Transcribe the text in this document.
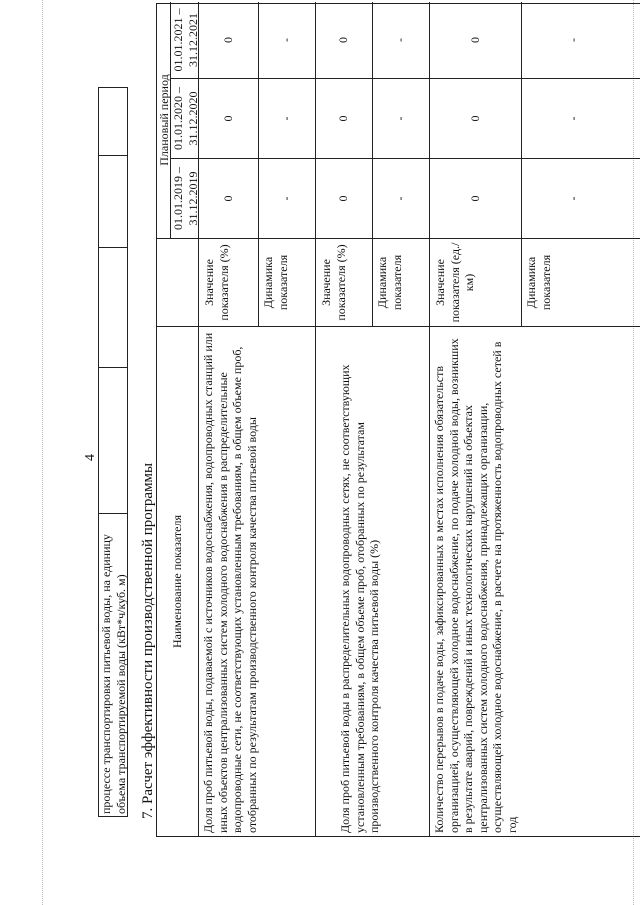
4
процессе транспортировки питьевой воды, на единицу объема транспортируемой воды (кВт*ч/куб. м) 7. Расчет эффективности производственной программы	Наименование показателя
Плановый период
01.01.2019 – 31.12.2019
01.01.2020 – 31.12.2020
01.01.2021 – 31.12.2021
Доля проб питьевой воды, подаваемой с источников водоснабжения, водопроводных станций или иных объектов централизованных систем холодного водоснабжения в распределительные водопроводные сети, не соответствующих установленным требованиям, в общем объеме проб, отобранных по результатам производственного контроля качества питьевой воды
Значение показателя (%)
0
0
0
Динамика показателя
-
-
-
Доля проб питьевой воды в распределительных водопроводных сетях, не соответствующих установленным требованиям, в общем объеме проб, отобранных по результатам производственного контроля качества питьевой воды (%)
Значение показателя (%)
0
0
0
Динамика показателя
-
-
-
Количество перерывов в подаче воды, зафиксированных в местах исполнения обязательств организацией, осуществляющей холодное водоснабжение, по подаче холодной воды, возникших в результате аварий, повреждений и иных технологических нарушений на объектах централизованных систем холодного водоснабжения, принадлежащих организации, осуществляющей холодное водоснабжение, в расчете на протяженность водопроводных сетей в год
Значение показателя (ед./км)
0
0
0
Динамика показателя
-
-
-
